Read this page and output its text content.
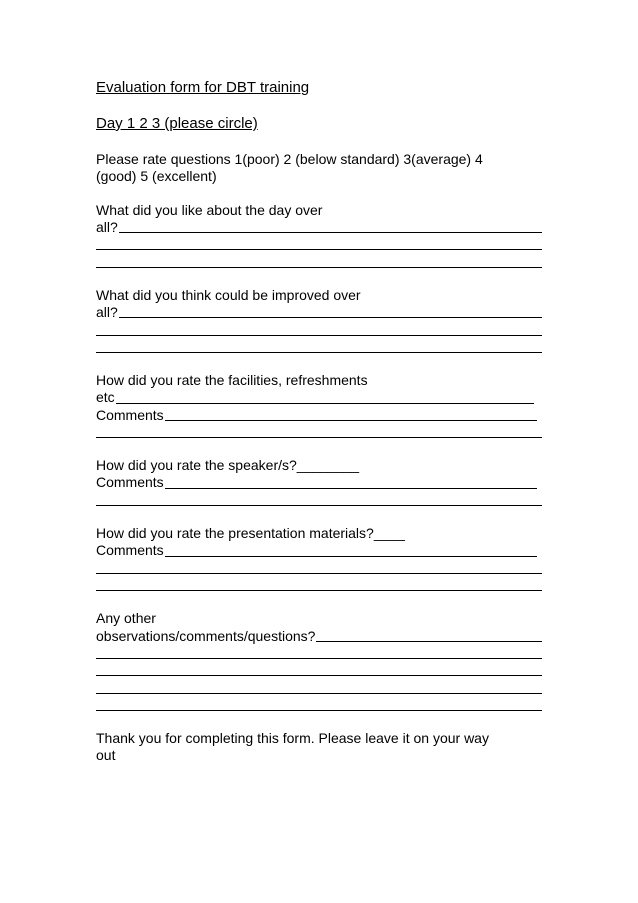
Evaluation form for DBT training
Day 1 2 3 (please circle)
Please rate questions 1(poor) 2 (below standard) 3(average) 4
(good) 5 (excellent)
What did you like about the day over
all?
What did you think could be improved over
all?
How did you rate the facilities, refreshments
etc
Comments
How did you rate the speaker/s?________
Comments
How did you rate the presentation materials?____
Comments
Any other
observations/comments/questions?
Thank you for completing this form. Please leave it on your way
out
